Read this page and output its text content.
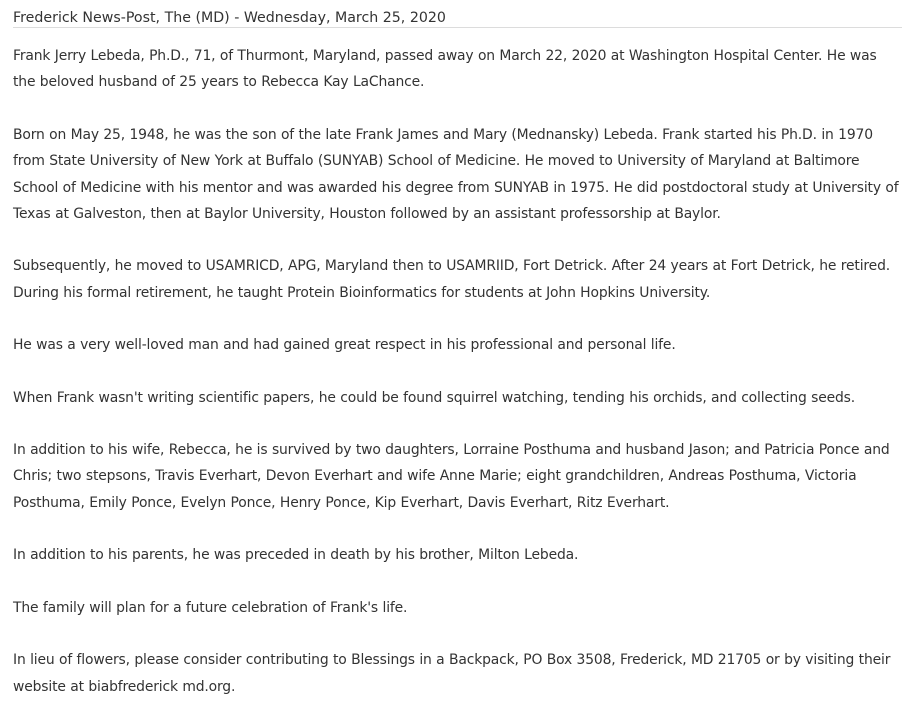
Frederick News-Post, The (MD) - Wednesday, March 25, 2020

Frank Jerry Lebeda, Ph.D., 71, of Thurmont, Maryland, passed away on March 22, 2020 at Washington Hospital Center. He was the beloved husband of 25 years to Rebecca Kay LaChance.

Born on May 25, 1948, he was the son of the late Frank James and Mary (Mednansky) Lebeda. Frank started his Ph.D. in 1970 from State University of New York at Buffalo (SUNYAB) School of Medicine. He moved to University of Maryland at Baltimore School of Medicine with his mentor and was awarded his degree from SUNYAB in 1975. He did postdoctoral study at University of Texas at Galveston, then at Baylor University, Houston followed by an assistant professorship at Baylor.

Subsequently, he moved to USAMRICD, APG, Maryland then to USAMRIID, Fort Detrick. After 24 years at Fort Detrick, he retired. During his formal retirement, he taught Protein Bioinformatics for students at John Hopkins University.

He was a very well-loved man and had gained great respect in his professional and personal life.

When Frank wasn't writing scientific papers, he could be found squirrel watching, tending his orchids, and collecting seeds.

In addition to his wife, Rebecca, he is survived by two daughters, Lorraine Posthuma and husband Jason; and Patricia Ponce and Chris; two stepsons, Travis Everhart, Devon Everhart and wife Anne Marie; eight grandchildren, Andreas Posthuma, Victoria Posthuma, Emily Ponce, Evelyn Ponce, Henry Ponce, Kip Everhart, Davis Everhart, Ritz Everhart.

In addition to his parents, he was preceded in death by his brother, Milton Lebeda.

The family will plan for a future celebration of Frank's life.

In lieu of flowers, please consider contributing to Blessings in a Backpack, PO Box 3508, Frederick, MD 21705 or by visiting their website at biabfrederick md.org.
